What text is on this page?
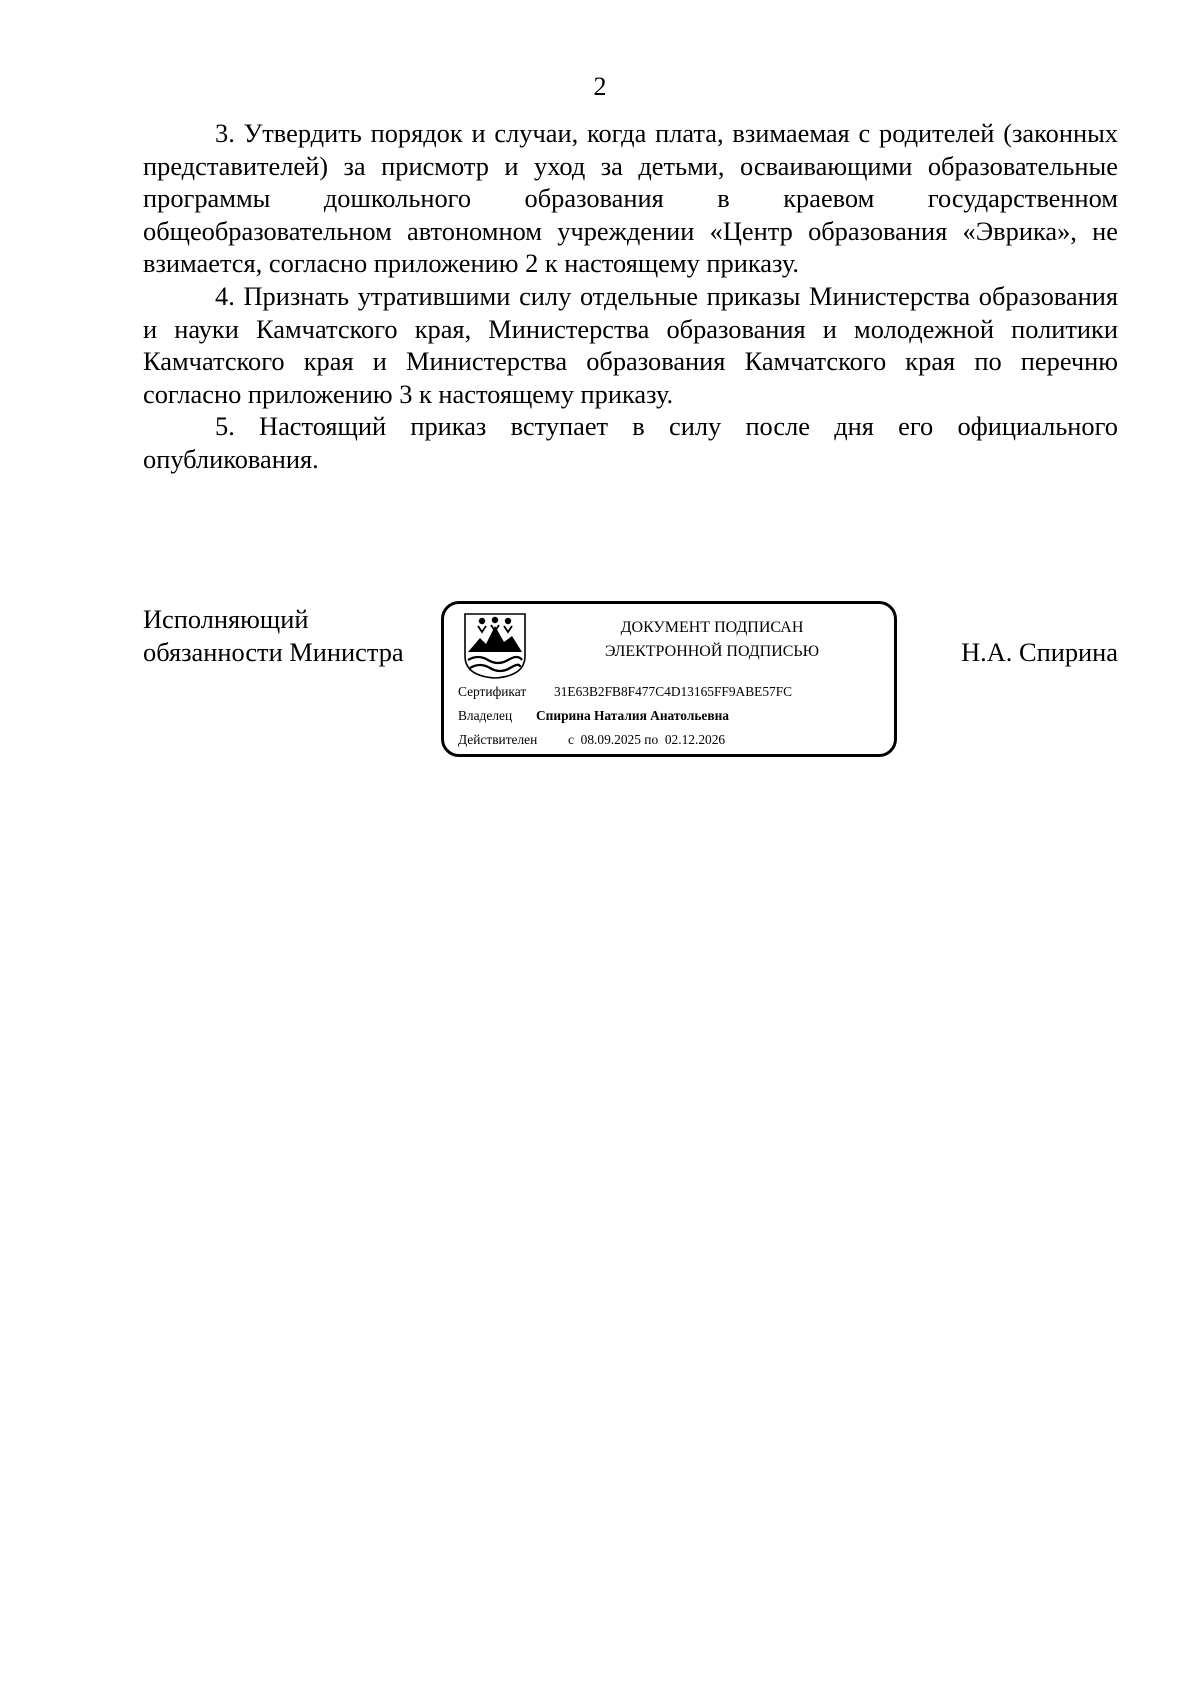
2

3. Утвердить порядок и случаи, когда плата, взимаемая с родителей (законных представителей) за присмотр и уход за детьми, осваивающими образовательные программы дошкольного образования в краевом государственном общеобразовательном автономном учреждении «Центр образования «Эврика», не взимается, согласно приложению 2 к настоящему приказу.

4. Признать утратившими силу отдельные приказы Министерства образования и науки Камчатского края, Министерства образования и молодежной политики Камчатского края и Министерства образования Камчатского края по перечню согласно приложению 3 к настоящему приказу.

5. Настоящий приказ вступает в силу после дня его официального опубликования.

Исполняющий
обязанности Министра
ДОКУМЕНТ ПОДПИСАН
ЭЛЕКТРОННОЙ ПОДПИСЬЮ
Сертификат 31E63B2FB8F477C4D13165FF9ABE57FC
Владелец Спирина Наталия Анатольевна
Действителен с 08.09.2025 по 02.12.2026
Н.А. Спирина
